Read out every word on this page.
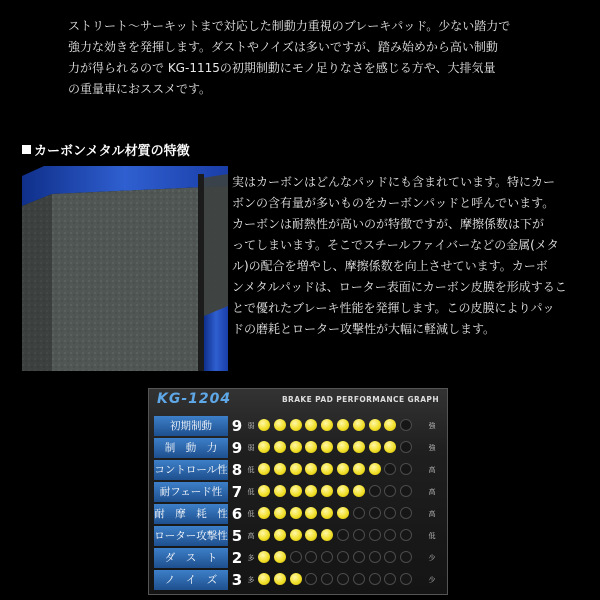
ストリート～サーキットまで対応した制動力重視のブレーキパッド。少ない踏力で

強力な効きを発揮します。ダストやノイズは多いですが、踏み始めから高い制動

力が得られるので KG-1115の初期制動にモノ足りなさを感じる方や、大排気量

の重量車におススメです。

カーボンメタル材質の特徴

実はカーボンはどんなパッドにも含まれています。特にカー

ボンの含有量が多いものをカーボンパッドと呼んでいます。

カーボンは耐熱性が高いのが特徴ですが、摩擦係数は下が

ってしまいます。そこでスチールファイバーなどの金属(メタ

ル)の配合を増やし、摩擦係数を向上させています。カーボ

ンメタルパッドは、ローター表面にカーボン皮膜を形成するこ

とで優れたブレーキ性能を発揮します。この皮膜によりパッ

ドの磨耗とローター攻撃性が大幅に軽減します。

KG-1204	BRAKE PAD PERFORMANCE GRAPH
初期制動	9 弱	強
制　動　力 9 弱	強
コントロール性 8 低	高
耐フェード性 7 低	高
耐　摩　耗　性 6 低	高
ローター攻撃性 5 高	低
ダ　ス　ト 2 多	少
ノ　イ　ズ 3 多	少
